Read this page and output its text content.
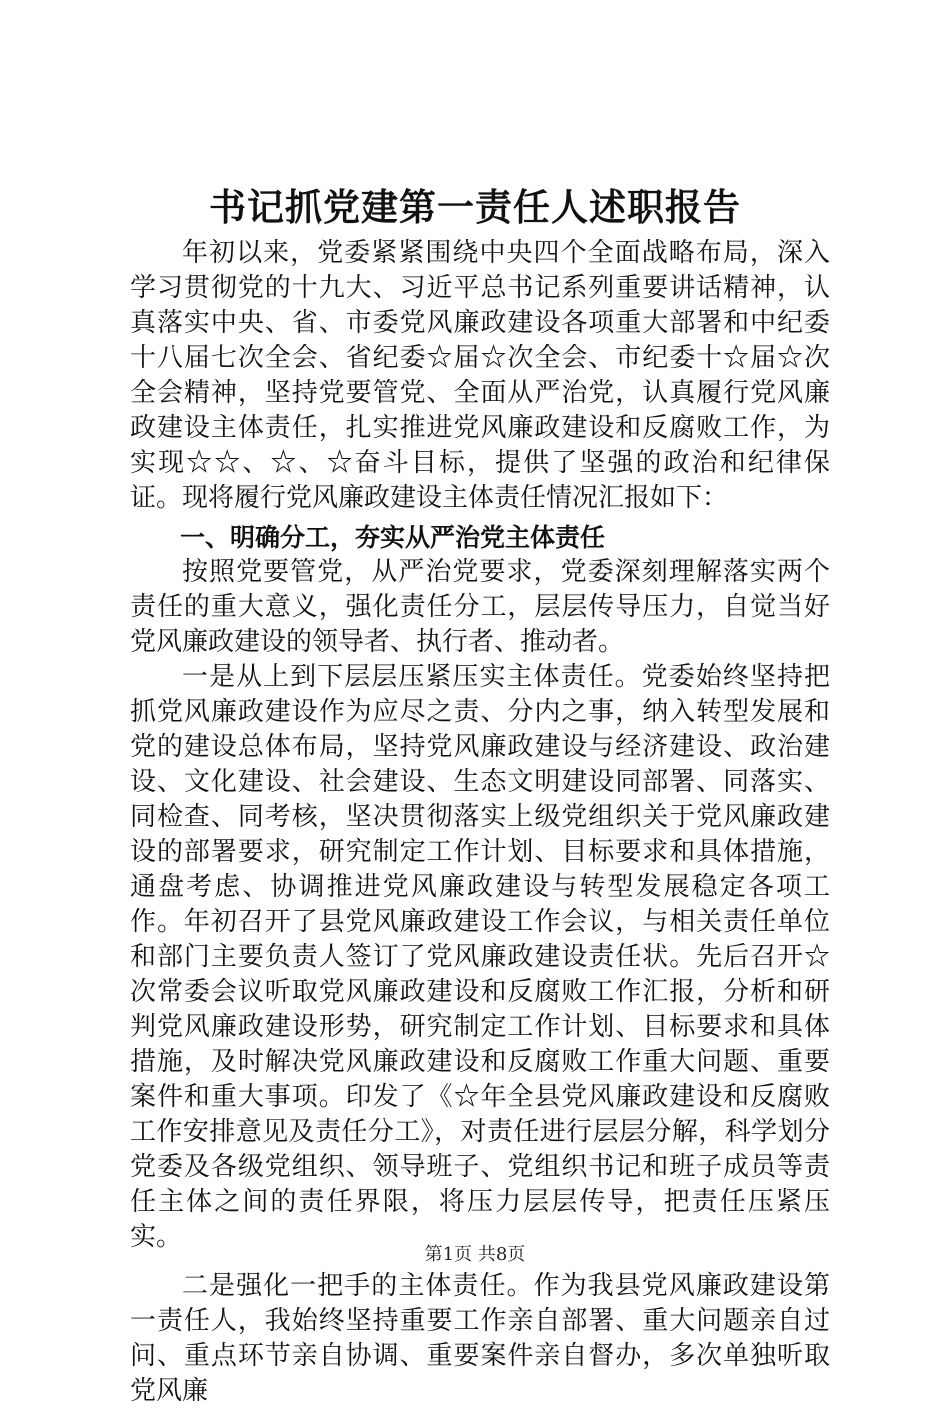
书记抓党建第一责任人述职报告

年初以来，党委紧紧围绕中央四个全面战略布局，深入学习贯彻党的十九大、习近平总书记系列重要讲话精神，认真落实中央、省、市委党风廉政建设各项重大部署和中纪委十八届七次全会、省纪委☆届☆次全会、市纪委十☆届☆次全会精神，坚持党要管党、全面从严治党，认真履行党风廉政建设主体责任，扎实推进党风廉政建设和反腐败工作，为实现☆☆、☆、☆奋斗目标，提供了坚强的政治和纪律保证。现将履行党风廉政建设主体责任情况汇报如下：

一、明确分工，夯实从严治党主体责任

按照党要管党，从严治党要求，党委深刻理解落实两个责任的重大意义，强化责任分工，层层传导压力，自觉当好党风廉政建设的领导者、执行者、推动者。

一是从上到下层层压紧压实主体责任。党委始终坚持把抓党风廉政建设作为应尽之责、分内之事，纳入转型发展和党的建设总体布局，坚持党风廉政建设与经济建设、政治建设、文化建设、社会建设、生态文明建设同部署、同落实、同检查、同考核，坚决贯彻落实上级党组织关于党风廉政建设的部署要求，研究制定工作计划、目标要求和具体措施，通盘考虑、协调推进党风廉政建设与转型发展稳定各项工作。年初召开了县党风廉政建设工作会议，与相关责任单位和部门主要负责人签订了党风廉政建设责任状。先后召开☆次常委会议听取党风廉政建设和反腐败工作汇报，分析和研判党风廉政建设形势，研究制定工作计划、目标要求和具体措施，及时解决党风廉政建设和反腐败工作重大问题、重要案件和重大事项。印发了《☆年全县党风廉政建设和反腐败工作安排意见及责任分工》，对责任进行层层分解，科学划分党委及各级党组织、领导班子、党组织书记和班子成员等责任主体之间的责任界限，将压力层层传导，把责任压紧压实。

二是强化一把手的主体责任。作为我县党风廉政建设第一责任人，我始终坚持重要工作亲自部署、重大问题亲自过问、重点环节亲自协调、重要案件亲自督办，多次单独听取党风廉

第1页 共8页
